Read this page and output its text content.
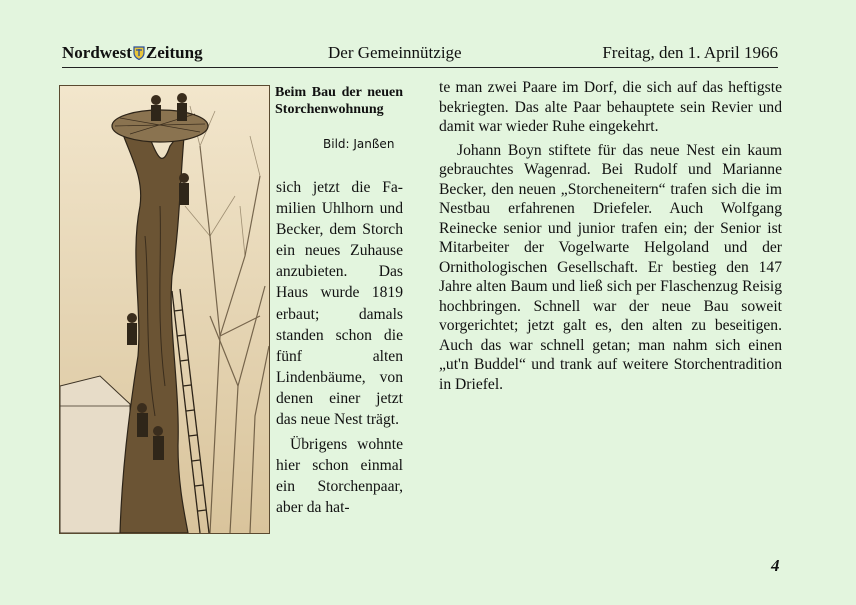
Nordwest Zeitung	Der Gemeinnützige	Freitag, den 1. April 1966
Beim Bau der neuen Storchenwohnung
Bild: Janßen

sich jetzt die Familien Uhlhorn und Becker, dem Storch ein neues Zuhause anzubieten. Das Haus wurde 1819 erbaut; damals standen schon die fünf alten Lindenbäume, von denen einer jetzt das neue Nest trägt.

Übrigens wohnte hier schon einmal ein Storchenpaar, aber da hat-

te man zwei Paare im Dorf, die sich auf das heftigste bekriegten. Das alte Paar behauptete sein Revier und damit war wieder Ruhe eingekehrt.

Johann Boyn stiftete für das neue Nest ein kaum gebrauchtes Wagenrad. Bei Rudolf und Marianne Becker, den neuen „Storcheneitern“ trafen sich die im Nestbau erfahrenen Driefeler. Auch Wolfgang Reinecke senior und junior trafen ein; der Senior ist Mitarbeiter der Vogelwarte Helgoland und der Ornithologischen Gesellschaft. Er bestieg den 147 Jahre alten Baum und ließ sich per Flaschenzug Reisig hochbringen. Schnell war der neue Bau soweit vorgerichtet; jetzt galt es, den alten zu beseitigen. Auch das war schnell getan; man nahm sich einen „ut'n Buddel“ und trank auf weitere Storchentradition in Driefel.

4
